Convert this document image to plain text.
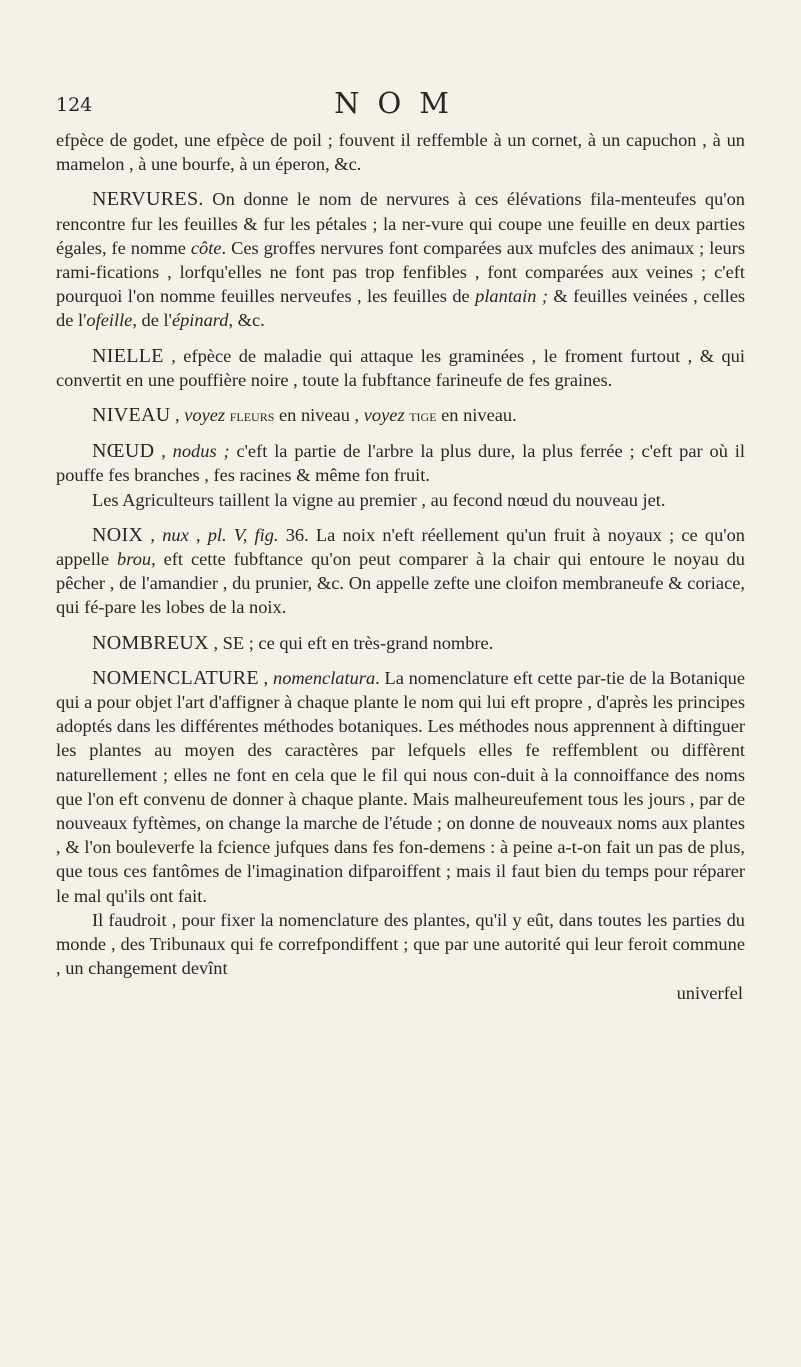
124	NOM

efpèce de godet, une efpèce de poil ; fouvent il reffemble à un cornet, à un capuchon , à un mamelon , à une bourfe, à un éperon, &c.

NERVURES. On donne le nom de nervures à ces élévations fila-menteufes qu'on rencontre fur les feuilles & fur les pétales ; la ner-vure qui coupe une feuille en deux parties égales, fe nomme côte. Ces groffes nervures font comparées aux mufcles des animaux ; leurs rami-fications , lorfqu'elles ne font pas trop fenfibles , font comparées aux veines ; c'eft pourquoi l'on nomme feuilles nerveufes , les feuilles de plantain ; & feuilles veinées , celles de l'ofeille, de l'épinard, &c.

NIELLE , efpèce de maladie qui attaque les graminées , le froment furtout , & qui convertit en une pouffière noire , toute la fubftance farineufe de fes graines.

NIVEAU , voyez fleurs en niveau , voyez tige en niveau.

NŒUD , nodus ; c'eft la partie de l'arbre la plus dure, la plus ferrée ; c'eft par où il pouffe fes branches , fes racines & même fon fruit.

Les Agriculteurs taillent la vigne au premier , au fecond nœud du nouveau jet.

NOIX , nux , pl. V, fig. 36. La noix n'eft réellement qu'un fruit à noyaux ; ce qu'on appelle brou, eft cette fubftance qu'on peut comparer à la chair qui entoure le noyau du pêcher , de l'amandier , du prunier, &c. On appelle zefte une cloifon membraneufe & coriace, qui fé-pare les lobes de la noix.

NOMBREUX , SE ; ce qui eft en très-grand nombre.

NOMENCLATURE , nomenclatura. La nomenclature eft cette par-tie de la Botanique qui a pour objet l'art d'affigner à chaque plante le nom qui lui eft propre , d'après les principes adoptés dans les différentes méthodes botaniques. Les méthodes nous apprennent à diftinguer les plantes au moyen des caractères par lefquels elles fe reffemblent ou diffèrent naturellement ; elles ne font en cela que le fil qui nous con-duit à la connoiffance des noms que l'on eft convenu de donner à chaque plante. Mais malheureufement tous les jours , par de nouveaux fyftèmes, on change la marche de l'étude ; on donne de nouveaux noms aux plantes , & l'on bouleverfe la fcience jufques dans fes fon-demens : à peine a-t-on fait un pas de plus, que tous ces fantômes de l'imagination difparoiffent ; mais il faut bien du temps pour réparer le mal qu'ils ont fait.

Il faudroit , pour fixer la nomenclature des plantes, qu'il y eût, dans toutes les parties du monde , des Tribunaux qui fe correfpondiffent ; que par une autorité qui leur feroit commune , un changement devînt

univerfel
